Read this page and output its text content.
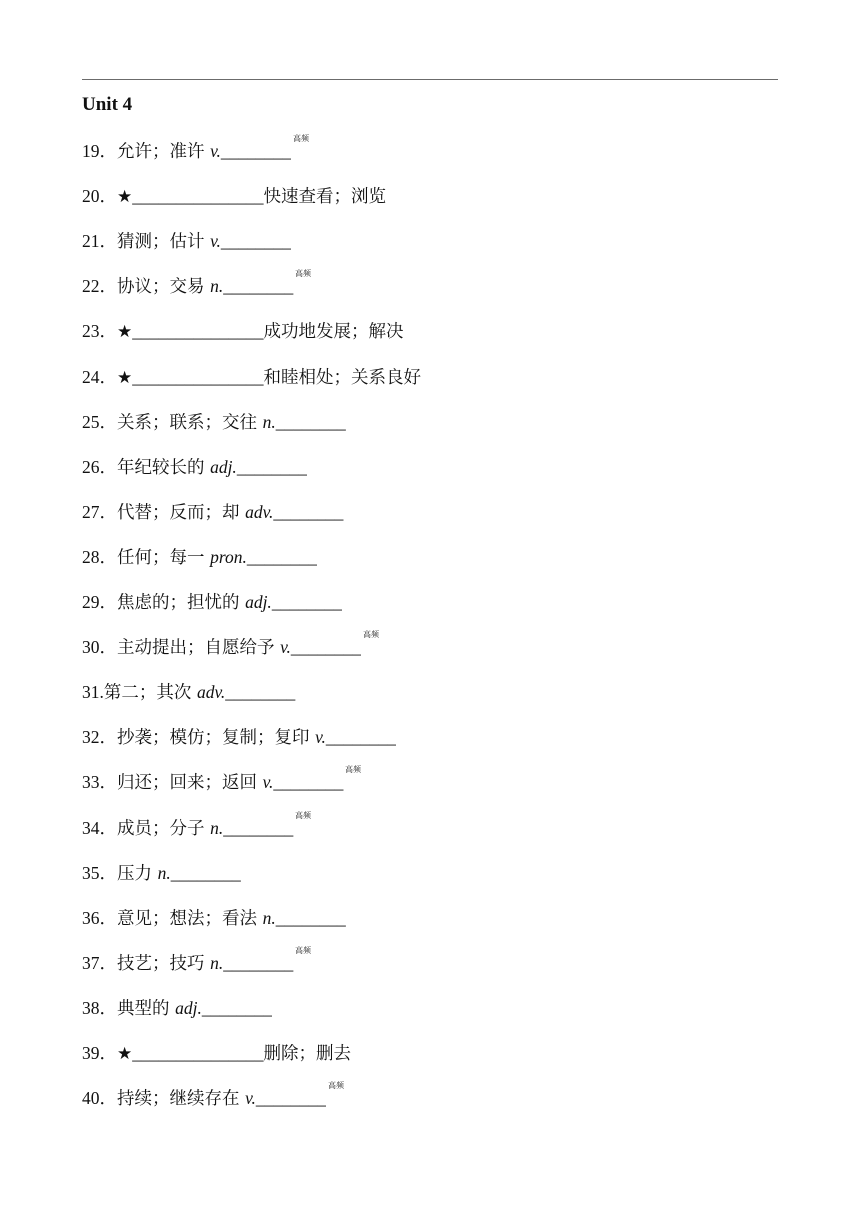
Unit 4
19．允许；准许 v.________
高频
20．★_______________快速查看；浏览
21．猜测；估计 v.________
22．协议；交易 n.________
高频
23．★_______________成功地发展；解决
24．★_______________和睦相处；关系良好
25．关系；联系；交往 n.________
26．年纪较长的 adj.________
27．代替；反而；却 adv.________
28．任何；每一 pron.________
29．焦虑的；担忧的 adj.________
30．主动提出；自愿给予 v.________
高频
31.第二；其次 adv.________
32．抄袭；模仿；复制；复印 v.________
33．归还；回来；返回 v.________
高频
34．成员；分子 n.________
高频
35．压力 n.________
36．意见；想法；看法 n.________
37．技艺；技巧 n.________
高频
38．典型的 adj.________
39．★_______________删除；删去
40．持续；继续存在 v.________
高频
